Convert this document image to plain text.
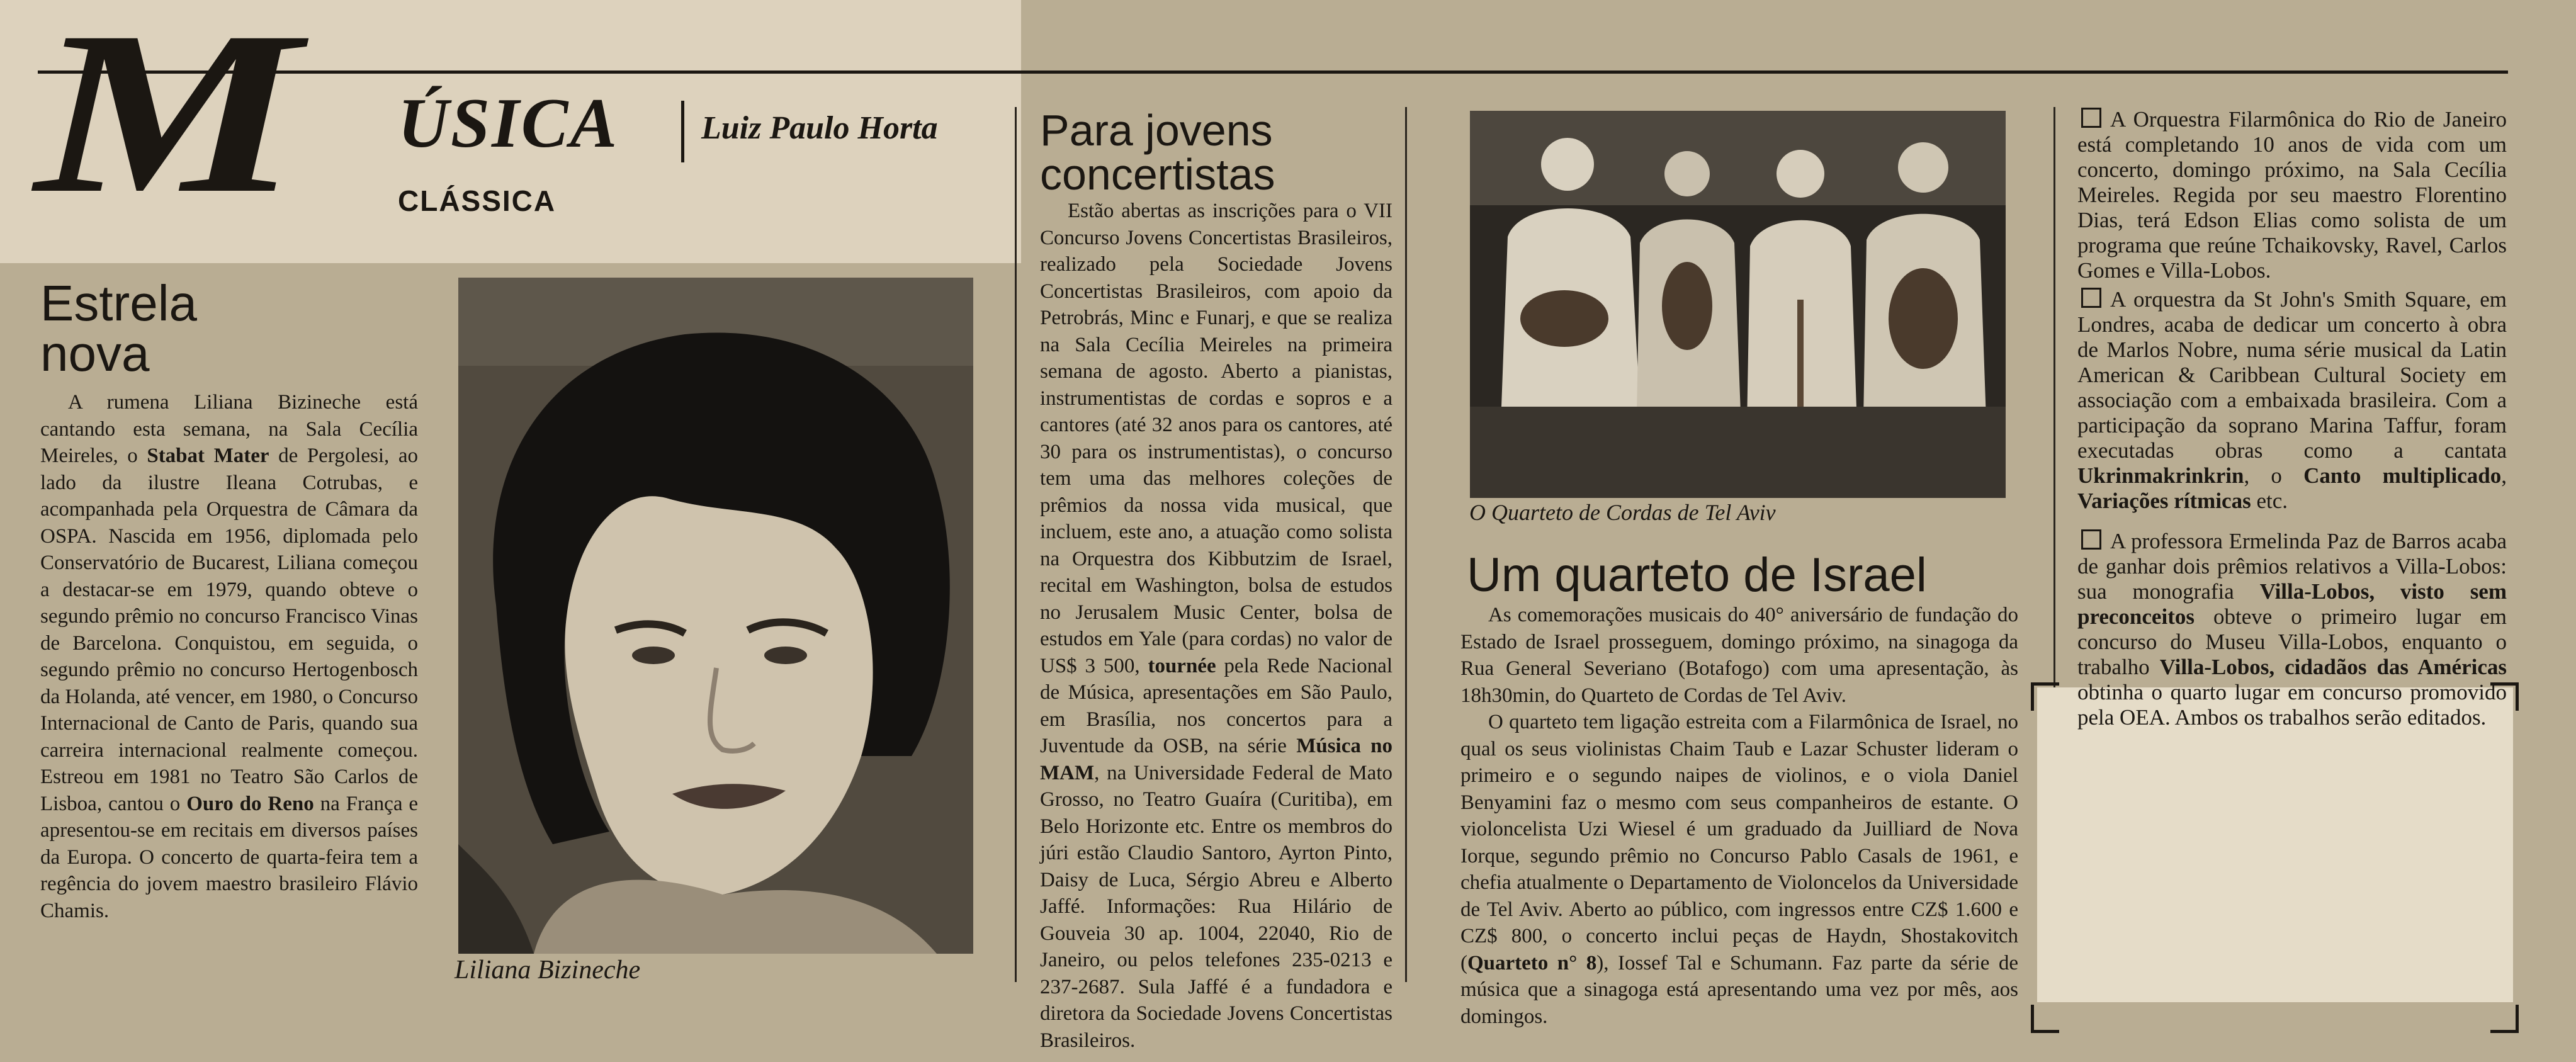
M ÚSICA	Luiz Paulo Horta
CLÁSSICA
Estrela
nova

A rumena Liliana Bizineche está cantando esta semana, na Sala Cecília Meireles, o Stabat Mater de Pergolesi, ao lado da ilustre Ileana Cotrubas, e acompanhada pela Orquestra de Câmara da OSPA. Nascida em 1956, diplomada pelo Conservatório de Bucarest, Liliana começou a destacar-se em 1979, quando obteve o segundo prêmio no concurso Francisco Vinas de Barcelona. Conquistou, em seguida, o segundo prêmio no concurso Hertogenbosch da Holanda, até vencer, em 1980, o Concurso Internacional de Canto de Paris, quando sua carreira internacional realmente começou. Estreou em 1981 no Teatro São Carlos de Lisboa, cantou o Ouro do Reno na França e apresentou-se em recitais em diversos países da Europa. O concerto de quarta-feira tem a regência do jovem maestro brasileiro Flávio Chamis.

Liliana Bizineche
Para jovens
concertistas

Estão abertas as inscrições para o VII Concurso Jovens Concertistas Brasileiros, realizado pela Sociedade Jovens Concertistas Brasileiros, com apoio da Petrobrás, Minc e Funarj, e que se realiza na Sala Cecília Meireles na primeira semana de agosto. Aberto a pianistas, instrumentistas de cordas e sopros e a cantores (até 32 anos para os cantores, até 30 para os instrumentistas), o concurso tem uma das melhores coleções de prêmios da nossa vida musical, que incluem, este ano, a atuação como solista na Orquestra dos Kibbutzim de Israel, recital em Washington, bolsa de estudos no Jerusalem Music Center, bolsa de estudos em Yale (para cordas) no valor de US$ 3 500, tournée pela Rede Nacional de Música, apresentações em São Paulo, em Brasília, nos concertos para a Juventude da OSB, na série Música no MAM, na Universidade Federal de Mato Grosso, no Teatro Guaíra (Curitiba), em Belo Horizonte etc. Entre os membros do júri estão Claudio Santoro, Ayrton Pinto, Daisy de Luca, Sérgio Abreu e Alberto Jaffé. Informações: Rua Hilário de Gouveia 30 ap. 1004, 22040, Rio de Janeiro, ou pelos telefones 235-0213 e 237-2687. Sula Jaffé é a fundadora e diretora da Sociedade Jovens Concertistas Brasileiros.

O Quarteto de Cordas de Tel Aviv
Um quarteto de Israel

As comemorações musicais do 40° aniversário de fundação do Estado de Israel prosseguem, domingo próximo, na sinagoga da Rua General Severiano (Botafogo) com uma apresentação, às 18h30min, do Quarteto de Cordas de Tel Aviv.

O quarteto tem ligação estreita com a Filarmônica de Israel, no qual os seus violinistas Chaim Taub e Lazar Schuster lideram o primeiro e o segundo naipes de violinos, e o viola Daniel Benyamini faz o mesmo com seus companheiros de estante. O violoncelista Uzi Wiesel é um graduado da Juilliard de Nova Iorque, segundo prêmio no Concurso Pablo Casals de 1961, e chefia atualmente o Departamento de Violoncelos da Universidade de Tel Aviv. Aberto ao público, com ingressos entre CZ$ 1.600 e CZ$ 800, o concerto inclui peças de Haydn, Shostakovitch (Quarteto n° 8), Iossef Tal e Schumann. Faz parte da série de música que a sinagoga está apresentando uma vez por mês, aos domingos.

A Orquestra Filarmônica do Rio de Janeiro está completando 10 anos de vida com um concerto, domingo próximo, na Sala Cecília Meireles. Regida por seu maestro Florentino Dias, terá Edson Elias como solista de um programa que reúne Tchaikovsky, Ravel, Carlos Gomes e Villa-Lobos.

A orquestra da St John's Smith Square, em Londres, acaba de dedicar um concerto à obra de Marlos Nobre, numa série musical da Latin American & Caribbean Cultural Society em associação com a embaixada brasileira. Com a participação da soprano Marina Taffur, foram executadas obras como a cantata Ukrinmakrinkrin, o Canto multiplicado, Variações rítmicas etc.

A professora Ermelinda Paz de Barros acaba de ganhar dois prêmios relativos a Villa-Lobos: sua monografia Villa-Lobos, visto sem preconceitos obteve o primeiro lugar em concurso do Museu Villa-Lobos, enquanto o trabalho Villa-Lobos, cidadãos das Américas obtinha o quarto lugar em concurso promovido pela OEA. Ambos os trabalhos serão editados.
